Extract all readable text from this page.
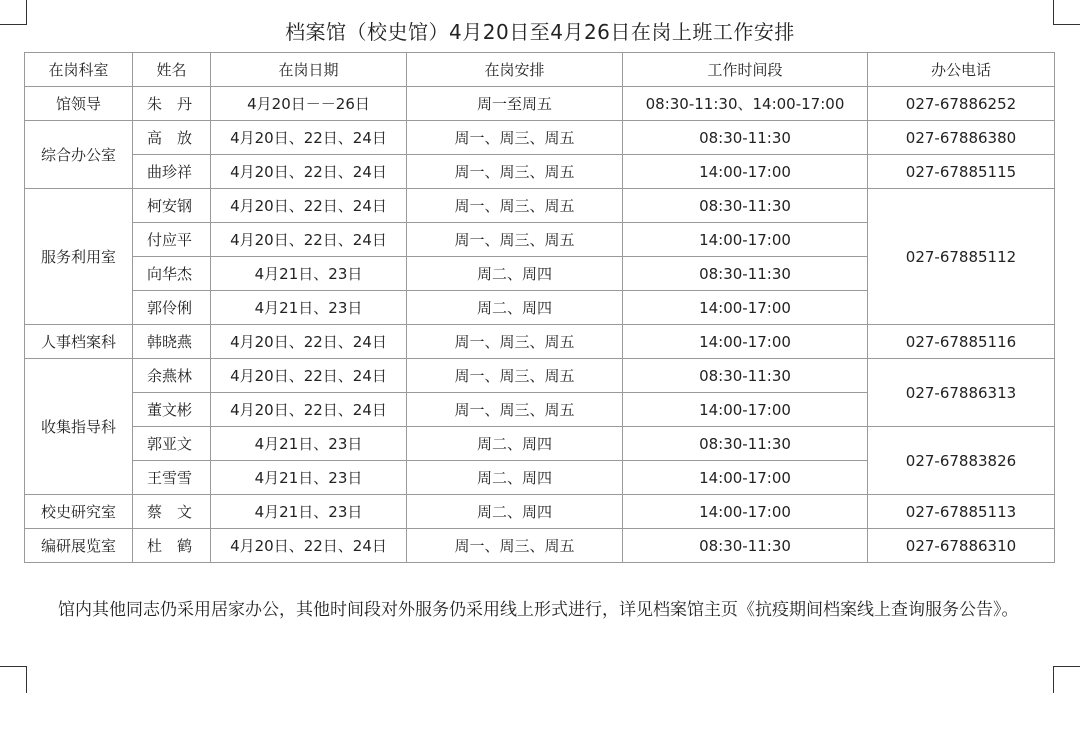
档案馆（校史馆）4月20日至4月26日在岗上班工作安排
在岗科室	姓名	在岗日期	在岗安排	工作时间段	办公电话
馆领导	朱　丹	4月20日－－26日	周一至周五	08:30-11:30、14:00-17:00	027-67886252
综合办公室	高　放	4月20日、22日、24日	周一、周三、周五	08:30-11:30	027-67886380
	曲珍祥	4月20日、22日、24日	周一、周三、周五	14:00-17:00	027-67885115
服务利用室	柯安钢	4月20日、22日、24日	周一、周三、周五	08:30-11:30	027-67885112
	付应平	4月20日、22日、24日	周一、周三、周五	14:00-17:00	
	向华杰	4月21日、23日	周二、周四	08:30-11:30	
	郭伶俐	4月21日、23日	周二、周四	14:00-17:00	
人事档案科	韩晓燕	4月20日、22日、24日	周一、周三、周五	14:00-17:00	027-67885116
收集指导科	余燕林	4月20日、22日、24日	周一、周三、周五	08:30-11:30	027-67886313
	董文彬	4月20日、22日、24日	周一、周三、周五	14:00-17:00	
	郭亚文	4月21日、23日	周二、周四	08:30-11:30	027-67883826
	王雪雪	4月21日、23日	周二、周四	14:00-17:00	
校史研究室	蔡　文	4月21日、23日	周二、周四	14:00-17:00	027-67885113
编研展览室	杜　鹤	4月20日、22日、24日	周一、周三、周五	08:30-11:30	027-67886310

馆内其他同志仍采用居家办公，其他时间段对外服务仍采用线上形式进行，详见档案馆主页《抗疫期间档案线上查询服务公告》。
